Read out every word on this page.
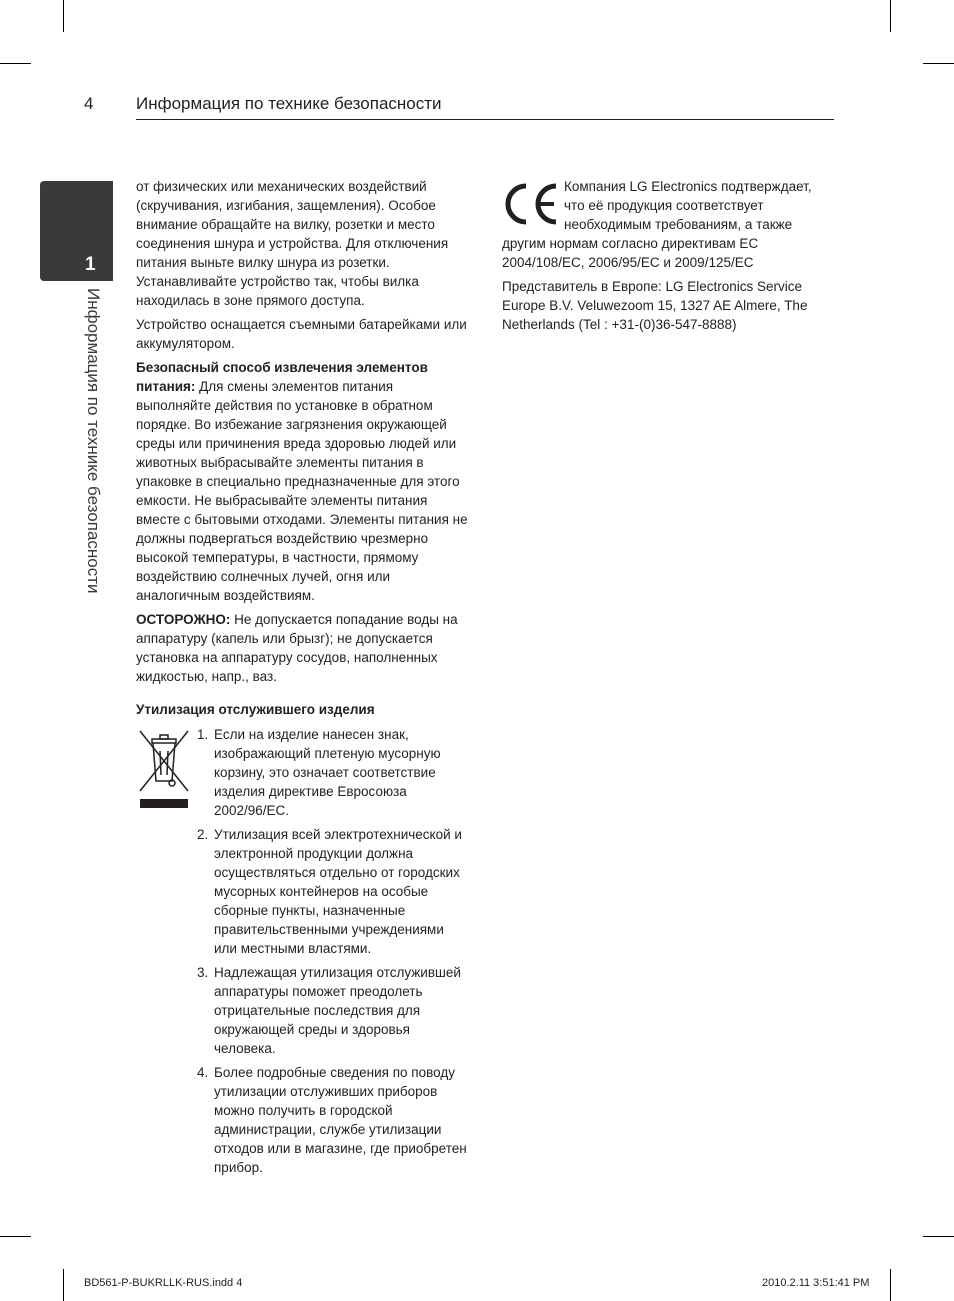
4	Информация по технике безопасности
1
Информация по технике безопасности

от физических или механических воздействий (скручивания, изгибания, защемления). Особое внимание обращайте на вилку, розетки и место соединения шнура и устройства. Для отключения питания выньте вилку шнура из розетки. Устанавливайте устройство так, чтобы вилка находилась в зоне прямого доступа.

Устройство оснащается съемными батарейками или аккумулятором.

Безопасный способ извлечения элементов питания: Для смены элементов питания выполняйте действия по установке в обратном порядке. Во избежание загрязнения окружающей среды или причинения вреда здоровью людей или животных выбрасывайте элементы питания в упаковке в специально предназначенные для этого емкости. Не выбрасывайте элементы питания вместе с бытовыми отходами. Элементы питания не должны подвергаться воздействию чрезмерно высокой температуры, в частности, прямому воздействию солнечных лучей, огня или аналогичным воздействиям.

ОСТОРОЖНО: Не допускается попадание воды на аппаратуру (капель или брызг); не допускается установка на аппаратуру сосудов, наполненных жидкостью, напр., ваз.

Утилизация отслужившего изделия
1. Если на изделие нанесен знак, изображающий плетеную мусорную корзину, это означает соответствие изделия директиве Евросоюза 2002/96/EC.
2. Утилизация всей электротехнической и электронной продукции должна осуществляться отдельно от городских мусорных контейнеров на особые сборные пункты, назначенные правительственными учреждениями или местными властями.
3. Надлежащая утилизация отслужившей аппаратуры поможет преодолеть отрицательные последствия для окружающей среды и здоровья человека.
4. Более подробные сведения по поводу утилизации отслуживших приборов можно получить в городской администрации, службе утилизации отходов или в магазине, где приобретен прибор.

Компания LG Electronics подтверждает, что её продукция соответствует необходимым требованиям, а также другим нормам согласно директивам EC 2004/108/EC, 2006/95/EC и 2009/125/EC

Представитель в Европе: LG Electronics Service Europe B.V. Veluwezoom 15, 1327 AE Almere, The Netherlands (Tel : +31-(0)36-547-8888)

BD561-P-BUKRLLK-RUS.indd 4	2010.2.11 3:51:41 PM
